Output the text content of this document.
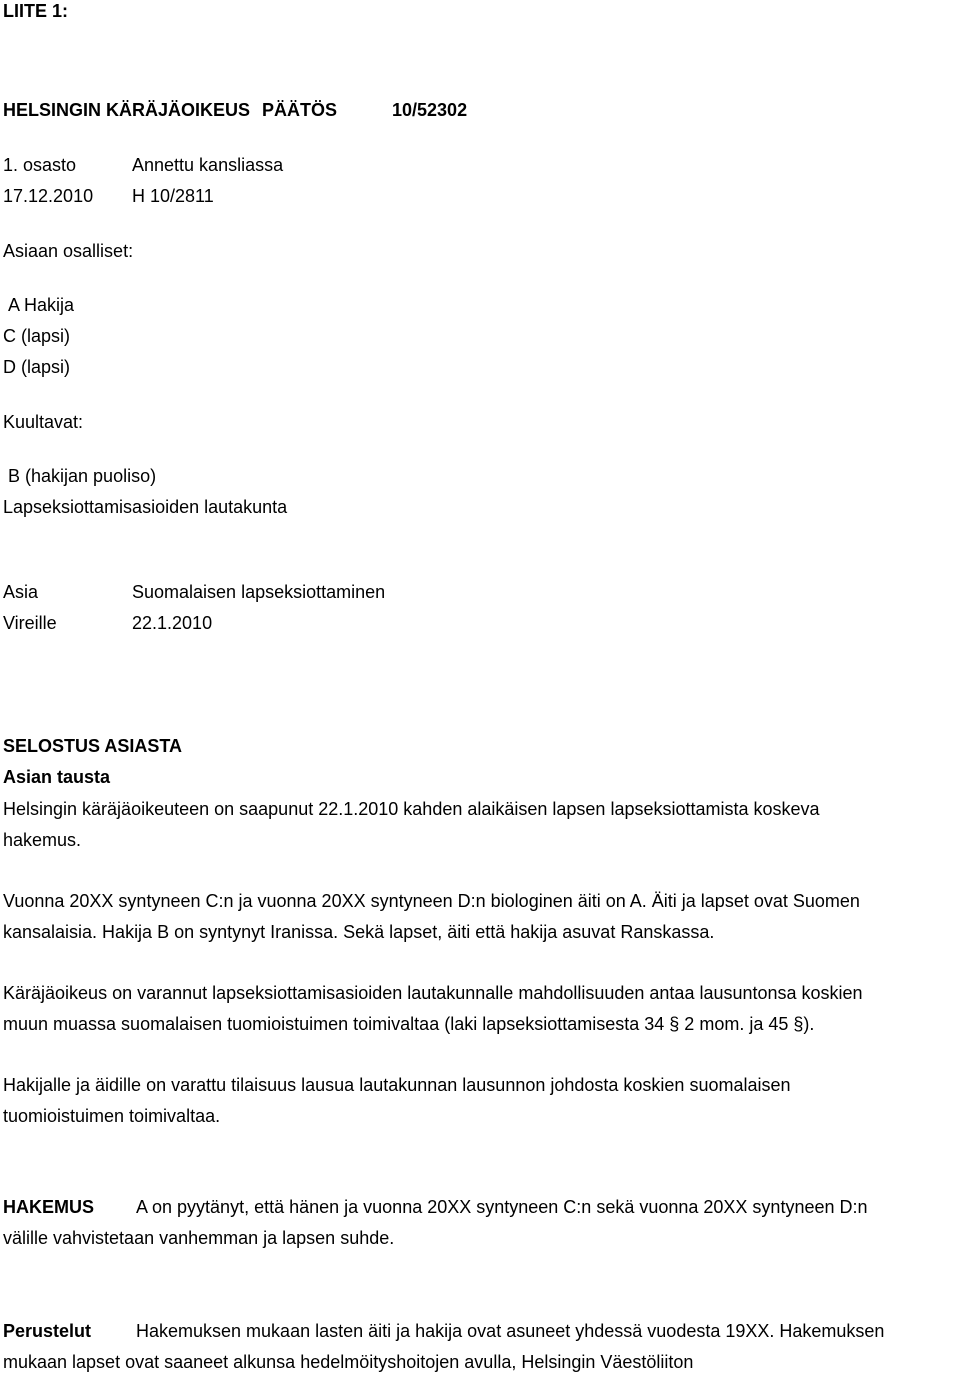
LIITE 1:
HELSINGIN KÄRÄJÄOIKEUS PÄÄTÖS	10/52302
1. osasto	Annettu kansliassa
17.12.2010 H 10/2811
Asiaan osalliset:
A Hakija
C (lapsi)
D (lapsi)
Kuultavat:
B (hakijan puoliso)
Lapseksiottamisasioiden lautakunta
Asia	Suomalaisen lapseksiottaminen
Vireille	22.1.2010
SELOSTUS ASIASTA
Asian tausta
Helsingin käräjäoikeuteen on saapunut 22.1.2010 kahden alaikäisen lapsen lapseksiottamista koskeva
hakemus.
Vuonna 20XX syntyneen C:n ja vuonna 20XX syntyneen D:n biologinen äiti on A. Äiti ja lapset ovat Suomen
kansalaisia. Hakija B on syntynyt Iranissa. Sekä lapset, äiti että hakija asuvat Ranskassa.
Käräjäoikeus on varannut lapseksiottamisasioiden lautakunnalle mahdollisuuden antaa lausuntonsa koskien
muun muassa suomalaisen tuomioistuimen toimivaltaa (laki lapseksiottamisesta 34 § 2 mom. ja 45 §).
Hakijalle ja äidille on varattu tilaisuus lausua lautakunnan lausunnon johdosta koskien suomalaisen
tuomioistuimen toimivaltaa.
HAKEMUS A on pyytänyt, että hänen ja vuonna 20XX syntyneen C:n sekä vuonna 20XX syntyneen D:n
välille vahvistetaan vanhemman ja lapsen suhde.
Perustelut Hakemuksen mukaan lasten äiti ja hakija ovat asuneet yhdessä vuodesta 19XX. Hakemuksen
mukaan lapset ovat saaneet alkunsa hedelmöityshoitojen avulla, Helsingin Väestöliiton
